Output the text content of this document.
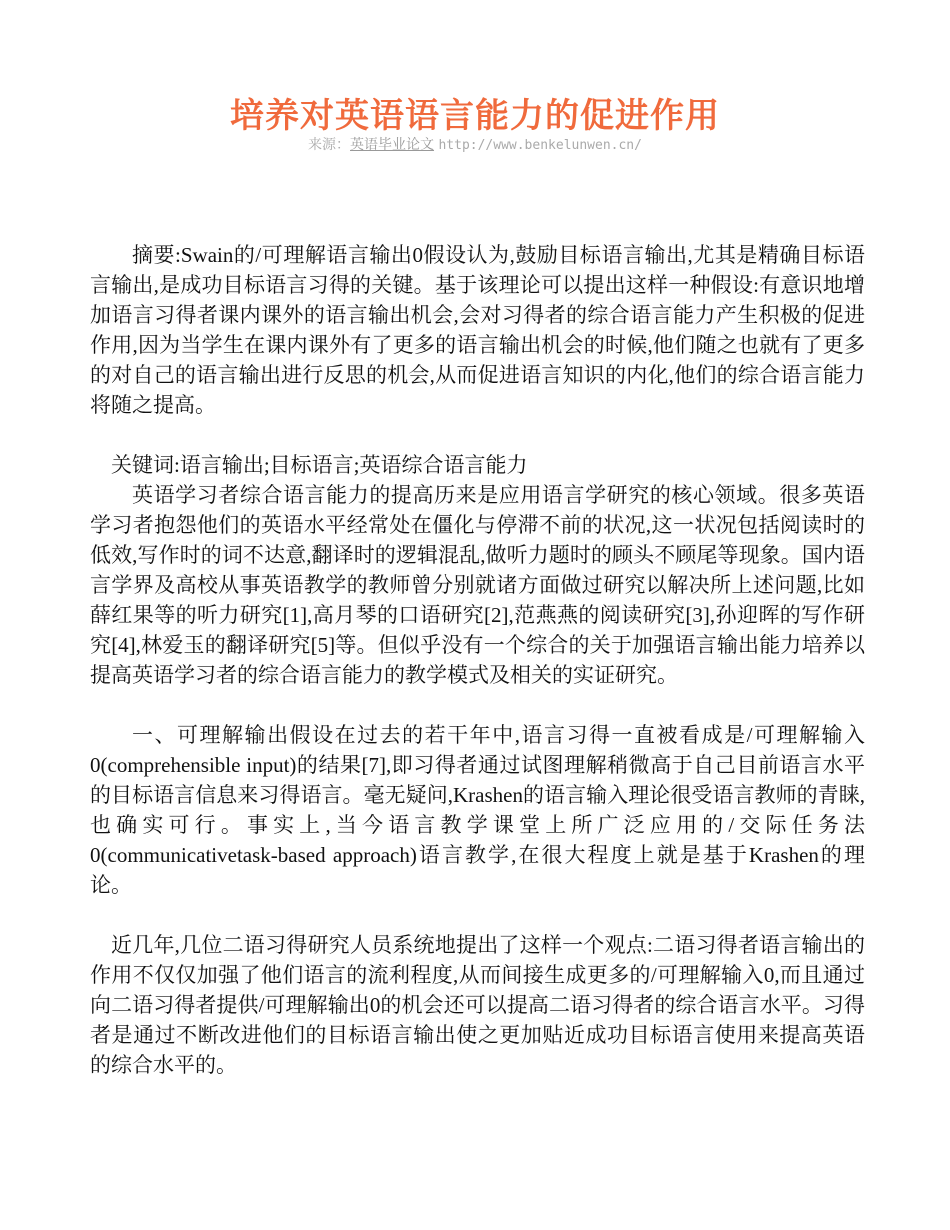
培养对英语语言能力的促进作用
来源：英语毕业论文 http://www.benkelunwen.cn/

摘要:Swain的/可理解语言输出0假设认为,鼓励目标语言输出,尤其是精确目标语言输出,是成功目标语言习得的关键。基于该理论可以提出这样一种假设:有意识地增加语言习得者课内课外的语言输出机会,会对习得者的综合语言能力产生积极的促进作用,因为当学生在课内课外有了更多的语言输出机会的时候,他们随之也就有了更多的对自己的语言输出进行反思的机会,从而促进语言知识的内化,他们的综合语言能力将随之提高。

关键词:语言输出;目标语言;英语综合语言能力

英语学习者综合语言能力的提高历来是应用语言学研究的核心领域。很多英语学习者抱怨他们的英语水平经常处在僵化与停滞不前的状况,这一状况包括阅读时的低效,写作时的词不达意,翻译时的逻辑混乱,做听力题时的顾头不顾尾等现象。国内语言学界及高校从事英语教学的教师曾分别就诸方面做过研究以解决所上述问题,比如薛红果等的听力研究[1],高月琴的口语研究[2],范燕燕的阅读研究[3],孙迎晖的写作研究[4],林爱玉的翻译研究[5]等。但似乎没有一个综合的关于加强语言输出能力培养以提高英语学习者的综合语言能力的教学模式及相关的实证研究。

一、可理解输出假设在过去的若干年中,语言习得一直被看成是/可理解输入0(comprehensible input)的结果[7],即习得者通过试图理解稍微高于自己目前语言水平的目标语言信息来习得语言。毫无疑问,Krashen的语言输入理论很受语言教师的青睐,也确实可行。事实上,当今语言教学课堂上所广泛应用的/交际任务法0(communicativetask-based approach)语言教学,在很大程度上就是基于Krashen的理论。

近几年,几位二语习得研究人员系统地提出了这样一个观点:二语习得者语言输出的作用不仅仅加强了他们语言的流利程度,从而间接生成更多的/可理解输入0,而且通过向二语习得者提供/可理解输出0的机会还可以提高二语习得者的综合语言水平。习得者是通过不断改进他们的目标语言输出使之更加贴近成功目标语言使用来提高英语的综合水平的。
